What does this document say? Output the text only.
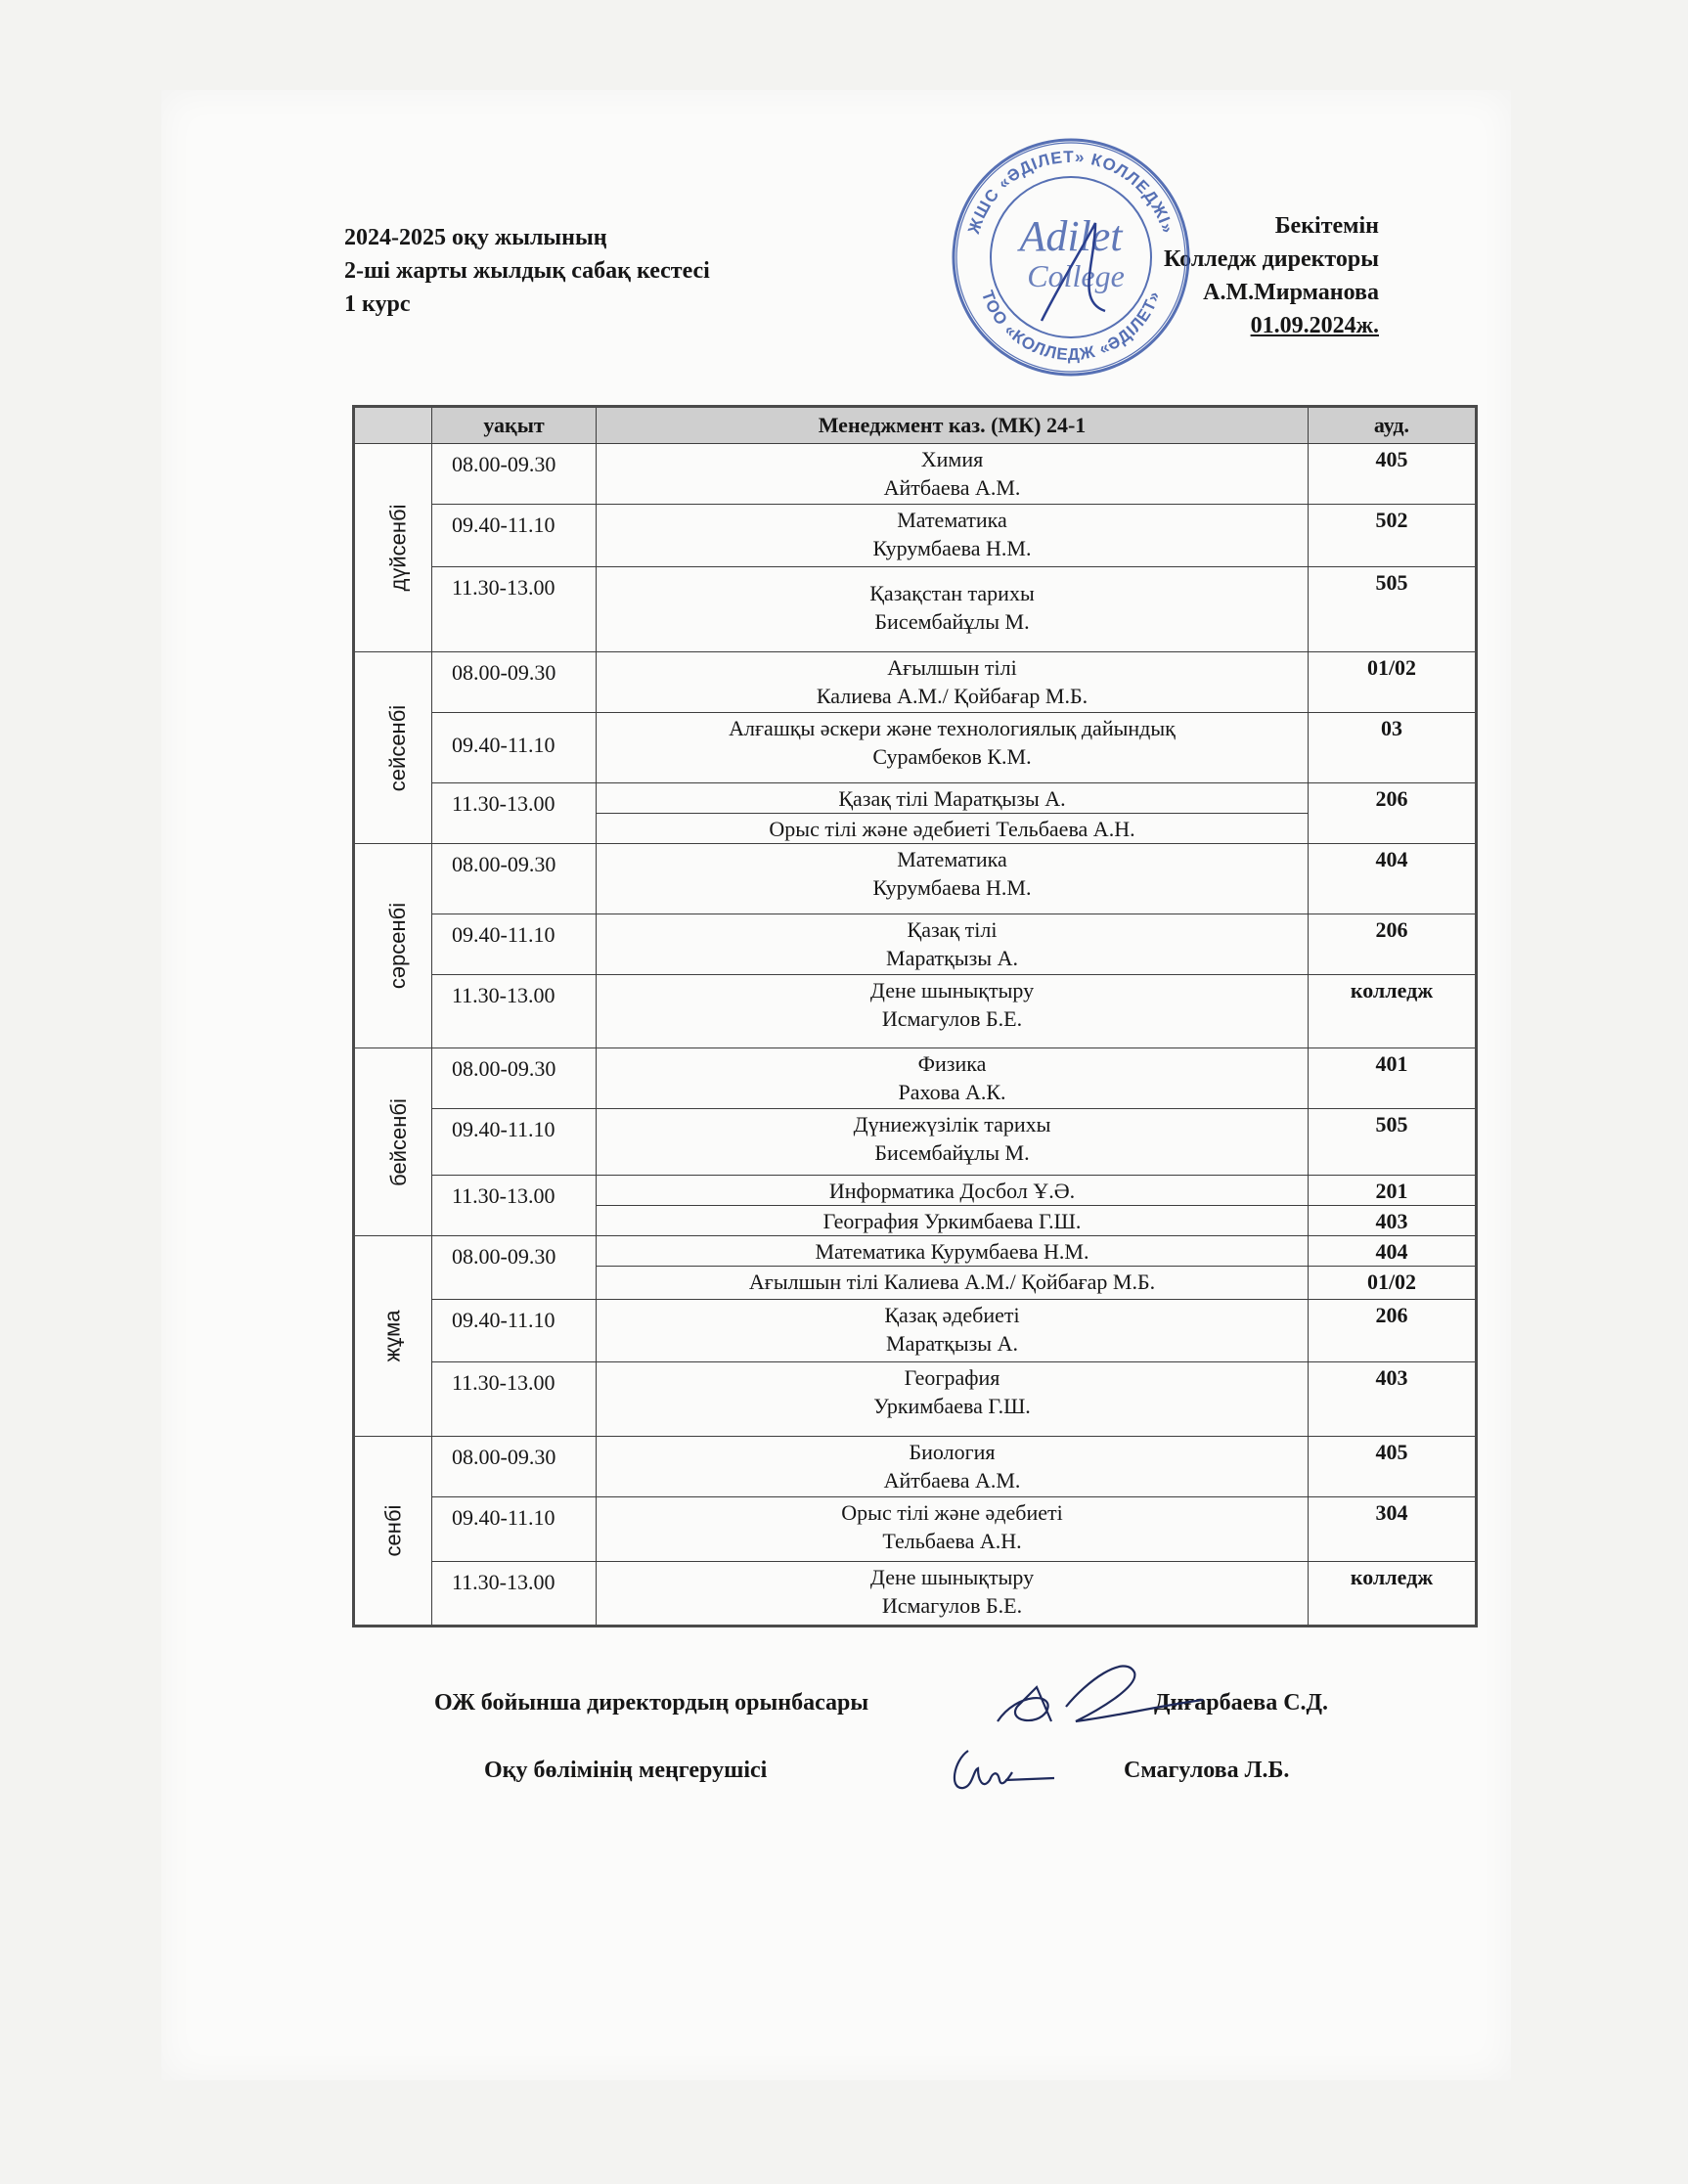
2024-2025 оқу жылының
2-ші жарты жылдық сабақ кестесі
1 курс
Бекітемін
Колледж директоры
А.М.Мирманова
01.09.2024ж.
ЖШС «ӘДІЛЕТ» КОЛЛЕДЖІ»
ТОО «КОЛЛЕДЖ «ӘДІЛЕТ»
Adilet
College
	уақыт	Менеджмент каз. (МК) 24-1	ауд.
дүйсенбі	08.00-09.30	Химия
Айтбаева А.М.	405
	09.40-11.10	Математика
Курумбаева Н.М.	502
	11.30-13.00	Қазақстан тарихы
Бисембайұлы М.	505
сейсенбі	08.00-09.30	Ағылшын тілі
Калиева А.М./ Қойбағар М.Б.	01/02
	09.40-11.10	Алғашқы әскери және технологиялық дайындық
Сурамбеков К.М.	03
	11.30-13.00	Қазақ тілі Маратқызы А.	206
		Орыс тілі және әдебиеті Тельбаева А.Н.	
сәрсенбі	08.00-09.30	Математика
Курумбаева Н.М.	404
	09.40-11.10	Қазақ тілі
Маратқызы А.	206
	11.30-13.00	Дене шынықтыру
Исмагулов Б.Е.	колледж
бейсенбі	08.00-09.30	Физика
Рахова А.К.	401
	09.40-11.10	Дүниежүзілік тарихы
Бисембайұлы М.	505
	11.30-13.00	Информатика Досбол Ұ.Ә.	201
		География Уркимбаева Г.Ш.	403
жұма	08.00-09.30	Математика Курумбаева Н.М.	404
		Ағылшын тілі Калиева А.М./ Қойбағар М.Б.	01/02
	09.40-11.10	Қазақ әдебиеті
Маратқызы А.	206
	11.30-13.00	География
Уркимбаева Г.Ш.	403
сенбі	08.00-09.30	Биология
Айтбаева А.М.	405
	09.40-11.10	Орыс тілі және әдебиеті
Тельбаева А.Н.	304
	11.30-13.00	Дене шынықтыру
Исмагулов Б.Е.	колледж
ОЖ бойынша директордың орынбасары	Диғарбаева С.Д.
Оқу бөлімінің меңгерушісі	Смагулова Л.Б.
